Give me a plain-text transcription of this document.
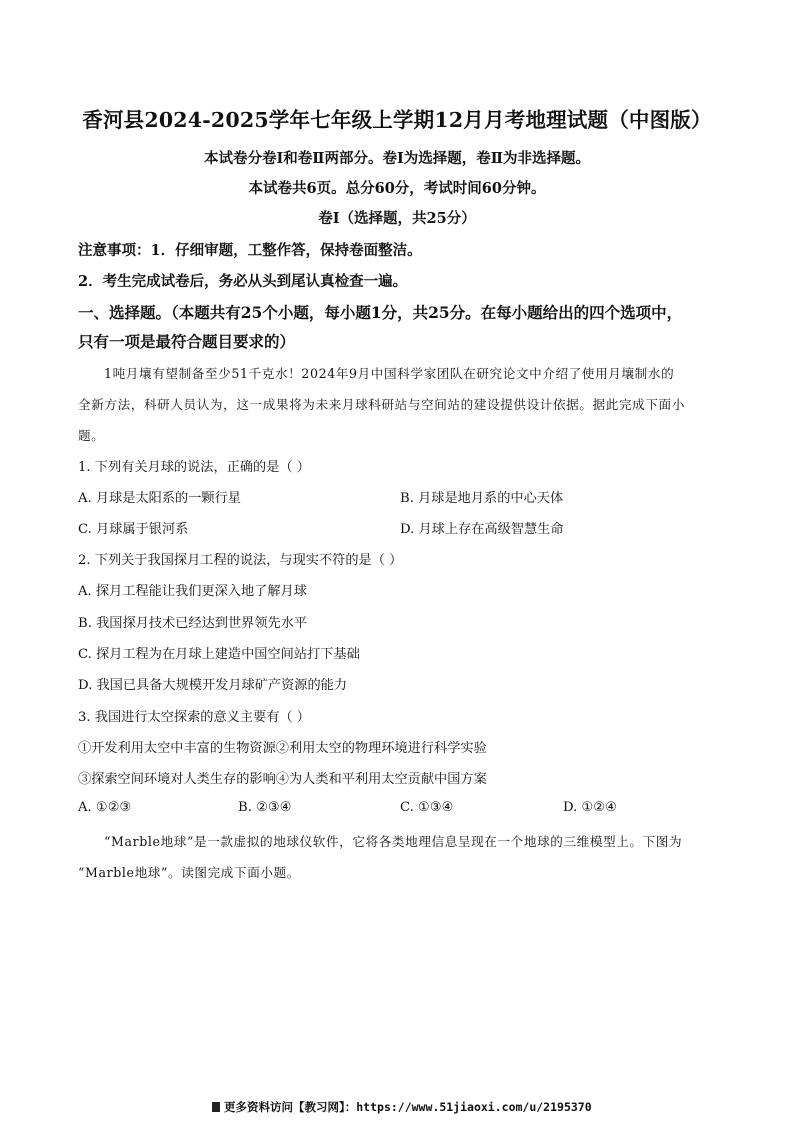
香河县2024-2025学年七年级上学期12月月考地理试题（中图版）
本试卷分卷Ⅰ和卷Ⅱ两部分。卷Ⅰ为选择题，卷Ⅱ为非选择题。
本试卷共6页。总分60分，考试时间60分钟。
卷Ⅰ（选择题，共25分）
注意事项：1．仔细审题，工整作答，保持卷面整洁。
2．考生完成试卷后，务必从头到尾认真检查一遍。
一、选择题。（本题共有25个小题，每小题1分，共25分。在每小题给出的四个选项中，
只有一项是最符合题目要求的）
1吨月壤有望制备至少51千克水！2024年9月中国科学家团队在研究论文中介绍了使用月壤制水的
全新方法，科研人员认为，这一成果将为未来月球科研站与空间站的建设提供设计依据。据此完成下面小
题。
1. 下列有关月球的说法，正确的是（ ）
A. 月球是太阳系的一颗行星	B. 月球是地月系的中心天体
C. 月球属于银河系	D. 月球上存在高级智慧生命
2. 下列关于我国探月工程的说法，与现实不符的是（ ）
A. 探月工程能让我们更深入地了解月球
B. 我国探月技术已经达到世界领先水平
C. 探月工程为在月球上建造中国空间站打下基础
D. 我国已具备大规模开发月球矿产资源的能力
3. 我国进行太空探索的意义主要有（ ）
①开发利用太空中丰富的生物资源②利用太空的物理环境进行科学实验
③探索空间环境对人类生存的影响④为人类和平利用太空贡献中国方案
A. ①②③	B. ②③④	C. ①③④	D. ①②④
“Marble地球”是一款虚拟的地球仪软件，它将各类地理信息呈现在一个地球的三维模型上。下图为
“Marble地球”。读图完成下面小题。
更多资料访问【教习网】：https://www.51jiaoxi.com/u/2195370
